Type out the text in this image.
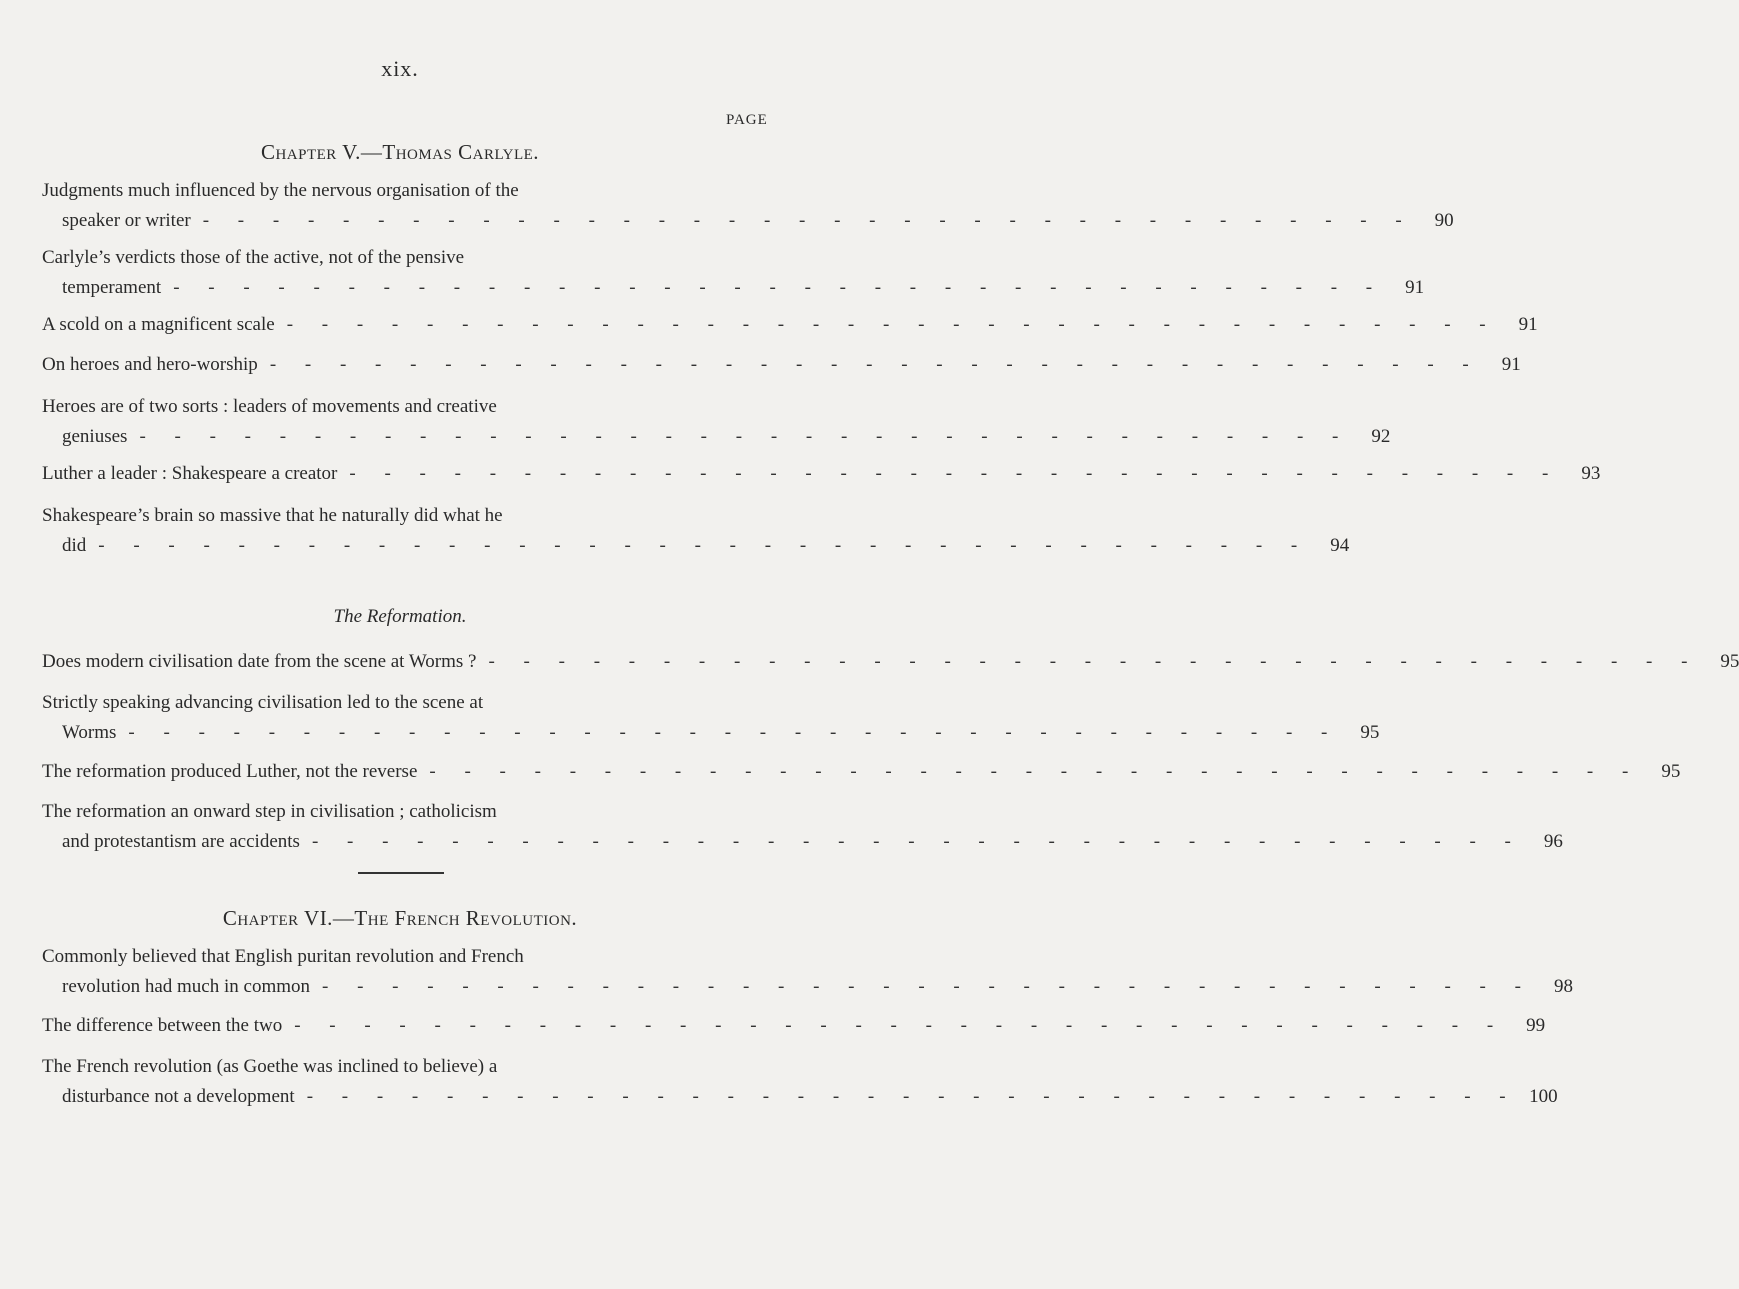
xix.
PAGE
Chapter V.—Thomas Carlyle.
Judgments much influenced by the nervous organisation of the
speaker or writer - - - - - - - - - - - - - - - - - - - - - - - - - - - - - - - - - - -	90
Carlyle’s verdicts those of the active, not of the pensive
temperament - - - - - - - - - - - - - - - - - - - - - - - - - - - - - - - - - - -	91
A scold on a magnificent scale - - - - - - - - - - - - - - - - - - - - - - - - - - - - - - - - - - -	91
On heroes and hero-worship - - - - - - - - - - - - - - - - - - - - - - - - - - - - - - - - - - -	91
Heroes are of two sorts : leaders of movements and creative
geniuses - - - - - - - - - - - - - - - - - - - - - - - - - - - - - - - - - - -	92
Luther a leader : Shakespeare a creator - - - - - - - - - - - - - - - - - - - - - - - - - - - - - - - - - - -	93
Shakespeare’s brain so massive that he naturally did what he
did - - - - - - - - - - - - - - - - - - - - - - - - - - - - - - - - - - -	94
The Reformation.
Does modern civilisation date from the scene at Worms ? - - - - - - - - - - - - - - - - - - - - - - - - - - - - - - - - - - -	95
Strictly speaking advancing civilisation led to the scene at
Worms - - - - - - - - - - - - - - - - - - - - - - - - - - - - - - - - - - -	95
The reformation produced Luther, not the reverse - - - - - - - - - - - - - - - - - - - - - - - - - - - - - - - - - - -	95
The reformation an onward step in civilisation ; catholicism
and protestantism are accidents - - - - - - - - - - - - - - - - - - - - - - - - - - - - - - - - - - -	96
Chapter VI.—The French Revolution.
Commonly believed that English puritan revolution and French
revolution had much in common - - - - - - - - - - - - - - - - - - - - - - - - - - - - - - - - - - -	98
The difference between the two - - - - - - - - - - - - - - - - - - - - - - - - - - - - - - - - - - -	99
The French revolution (as Goethe was inclined to believe) a
disturbance not a development - - - - - - - - - - - - - - - - - - - - - - - - - - - - - - - - - - - 100
